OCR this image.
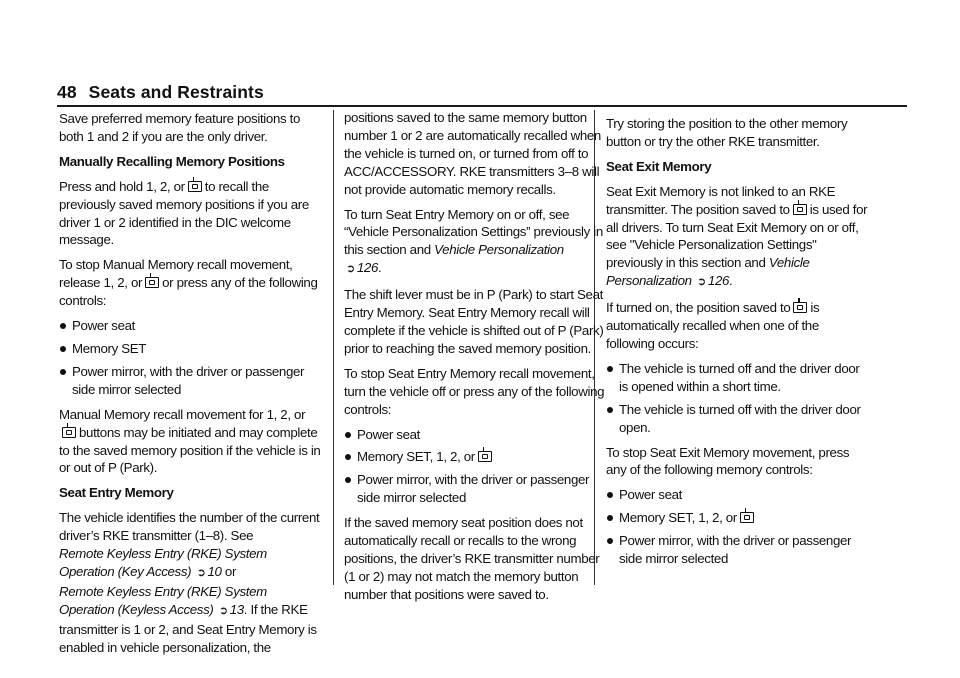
48 Seats and Restraints

Save preferred memory feature positions to both 1 and 2 if you are the only driver.

Manually Recalling Memory Positions

Press and hold 1, 2, or to recall the previously saved memory positions if you are driver 1 or 2 identified in the DIC welcome message.

To stop Manual Memory recall movement, release 1, 2, or or press any of the following controls:

Power seat
Memory SET
Power mirror, with the driver or passenger side mirror selected

Manual Memory recall movement for 1, 2, orbuttons may be initiated and may complete to the saved memory position if the vehicle is in or out of P (Park).

Seat Entry Memory

The vehicle identifies the number of the current driver’s RKE transmitter (1–8). See
Remote Keyless Entry (RKE) System Operation (Key Access) ➲ 10 or
Remote Keyless Entry (RKE) System Operation (Keyless Access) ➲ 13. If the RKE transmitter is 1 or 2, and Seat Entry Memory is enabled in vehicle personalization, the

positions saved to the same memory button number 1 or 2 are automatically recalled when the vehicle is turned on, or turned from off to ACC/ACCESSORY. RKE transmitters 3–8 will not provide automatic memory recalls.

To turn Seat Entry Memory on or off, see “Vehicle Personalization Settings” previously in this section and Vehicle Personalization
➲ 126.

The shift lever must be in P (Park) to start Seat Entry Memory. Seat Entry Memory recall will complete if the vehicle is shifted out of P (Park) prior to reaching the saved memory position.

To stop Seat Entry Memory recall movement, turn the vehicle off or press any of the following controls:

Power seat
Memory SET, 1, 2, or
Power mirror, with the driver or passenger side mirror selected

If the saved memory seat position does not automatically recall or recalls to the wrong positions, the driver’s RKE transmitter number (1 or 2) may not match the memory button number that positions were saved to.

Try storing the position to the other memory button or try the other RKE transmitter.

Seat Exit Memory

Seat Exit Memory is not linked to an RKE transmitter. The position saved to is used for all drivers. To turn Seat Exit Memory on or off, see "Vehicle Personalization Settings" previously in this section and Vehicle Personalization ➲ 126.

If turned on, the position saved to is automatically recalled when one of the following occurs:

The vehicle is turned off and the driver door is opened within a short time.
The vehicle is turned off with the driver door open.

To stop Seat Exit Memory movement, press any of the following memory controls:

Power seat
Memory SET, 1, 2, or
Power mirror, with the driver or passenger side mirror selected
